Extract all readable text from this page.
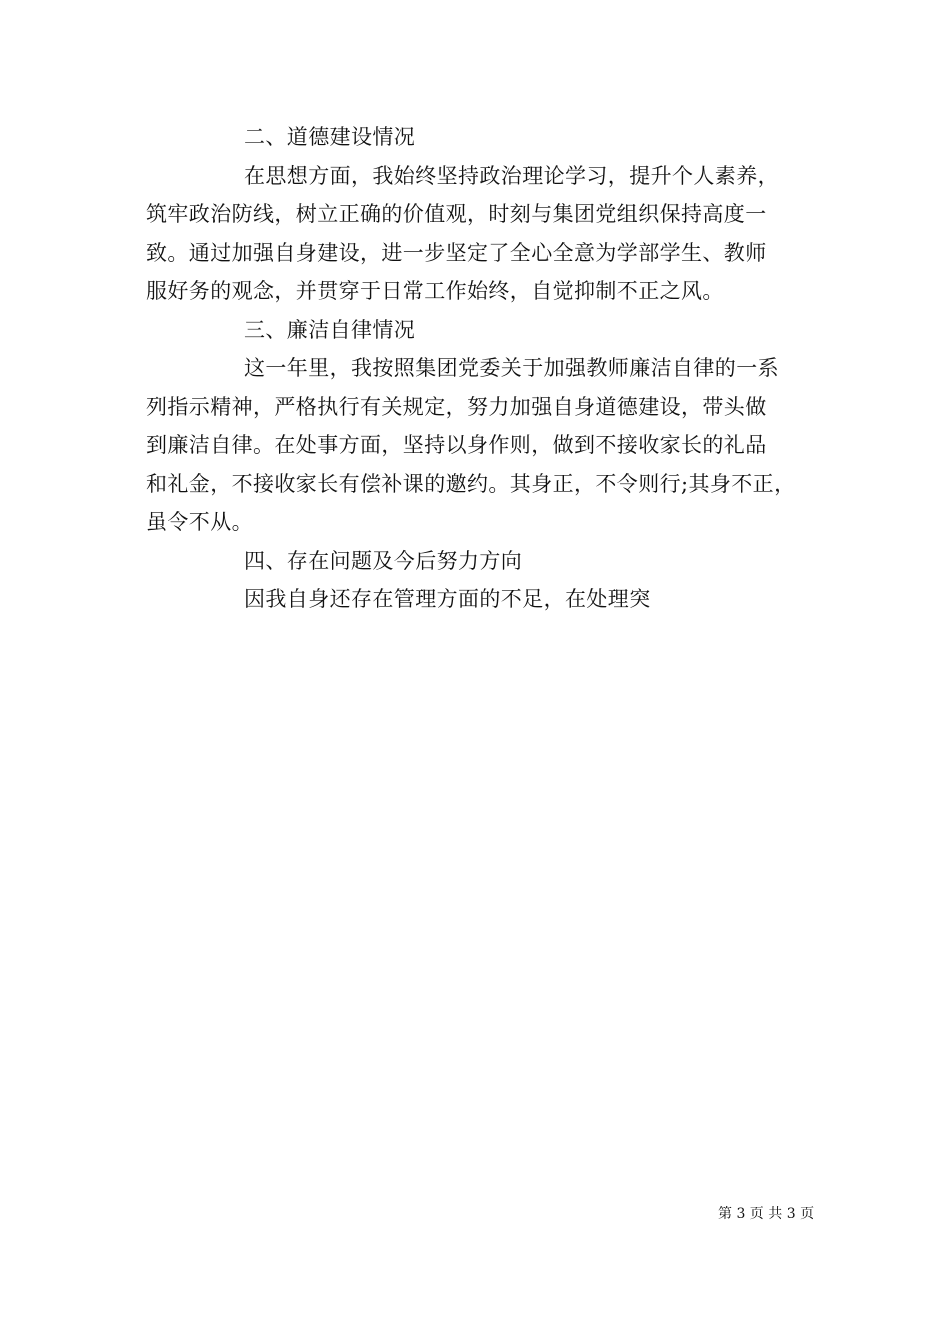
二、道德建设情况

在思想方面，我始终坚持政治理论学习，提升个人素养，

筑牢政治防线，树立正确的价值观，时刻与集团党组织保持高度一

致。通过加强自身建设，进一步坚定了全心全意为学部学生、教师

服好务的观念，并贯穿于日常工作始终，自觉抑制不正之风。

三、廉洁自律情况

这一年里，我按照集团党委关于加强教师廉洁自律的一系

列指示精神，严格执行有关规定，努力加强自身道德建设，带头做

到廉洁自律。在处事方面，坚持以身作则，做到不接收家长的礼品

和礼金，不接收家长有偿补课的邀约。其身正，不令则行;其身不正，

虽令不从。

四、存在问题及今后努力方向

因我自身还存在管理方面的不足，在处理突

第 3 页 共 3 页
